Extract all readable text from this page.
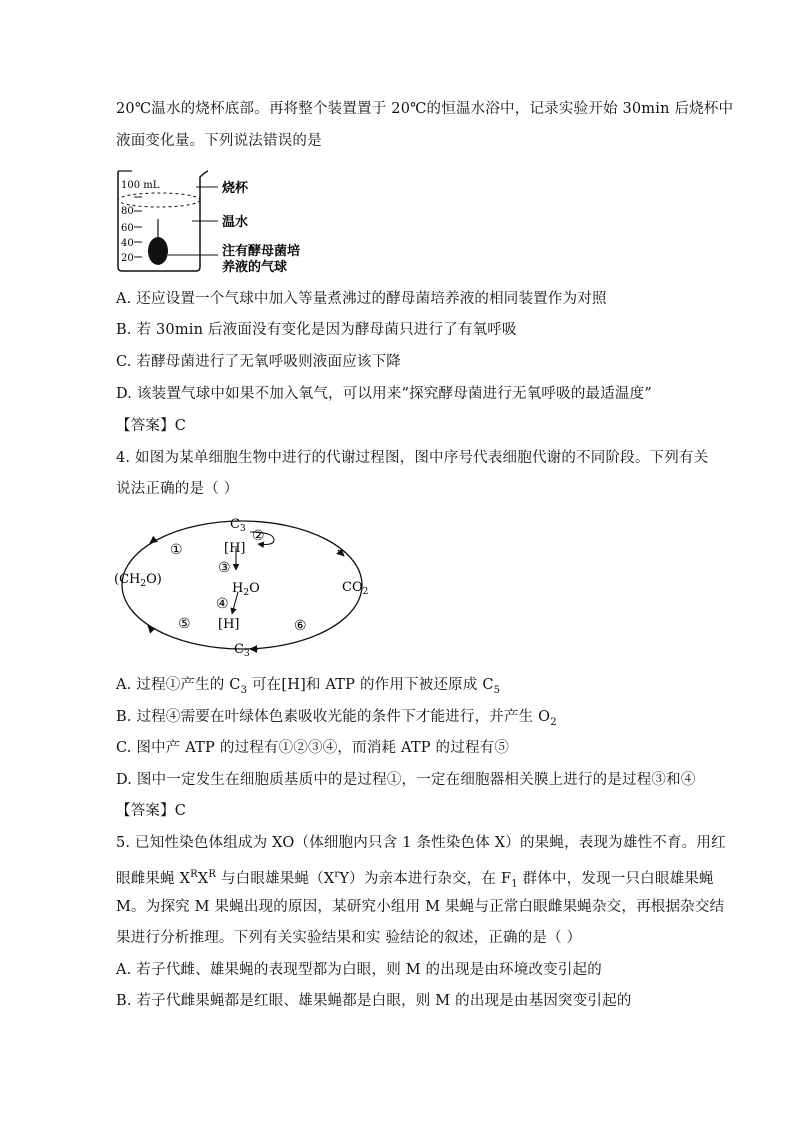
20℃温水的烧杯底部。再将整个装置置于 20℃的恒温水浴中，记录实验开始 30min 后烧杯中
液面变化量。下列说法错误的是
100 mL
80
60
40
20
烧杯
温水
注有酵母菌培
养液的气球
A. 还应设置一个气球中加入等量煮沸过的酵母菌培养液的相同装置作为对照
B. 若 30min 后液面没有变化是因为酵母菌只进行了有氧呼吸
C. 若酵母菌进行了无氧呼吸则液面应该下降
D. 该装置气球中如果不加入氧气，可以用来“探究酵母菌进行无氧呼吸的最适温度”
【答案】C
4. 如图为某单细胞生物中进行的代谢过程图，图中序号代表细胞代谢的不同阶段。下列有关
说法正确的是（ ）
$C_3$
[H]
$H_2O$
[H]
$C_3$
$(CH_2O)$
$CO_2$
①
②
③
④
⑤	⑥
A. 过程①产生的 $C_3$ 可在[H]和 ATP 的作用下被还原成 $C_5$
B. 过程④需要在叶绿体色素吸收光能的条件下才能进行，并产生 $O_2$
C. 图中产 ATP 的过程有①②③④，而消耗 ATP 的过程有⑤
D. 图中一定发生在细胞质基质中的是过程①，一定在细胞器相关膜上进行的是过程③和④
【答案】C
5. 已知性染色体组成为 XO（体细胞内只含 1 条性染色体 X）的果蝇，表现为雄性不育。用红
眼雌果蝇 $X^RX^R$ 与白眼雄果蝇$(X^rY)$为亲本进行杂交，在 $F_1$ 群体中，发现一只白眼雄果蝇
M。为探究 M 果蝇出现的原因，某研究小组用 M 果蝇与正常白眼雌果蝇杂交，再根据杂交结
果进行分析推理。下列有关实验结果和实 验结论的叙述，正确的是（ ）
A. 若子代雌、雄果蝇的表现型都为白眼，则 M 的出现是由环境改变引起的
B. 若子代雌果蝇都是红眼、雄果蝇都是白眼，则 M 的出现是由基因突变引起的
